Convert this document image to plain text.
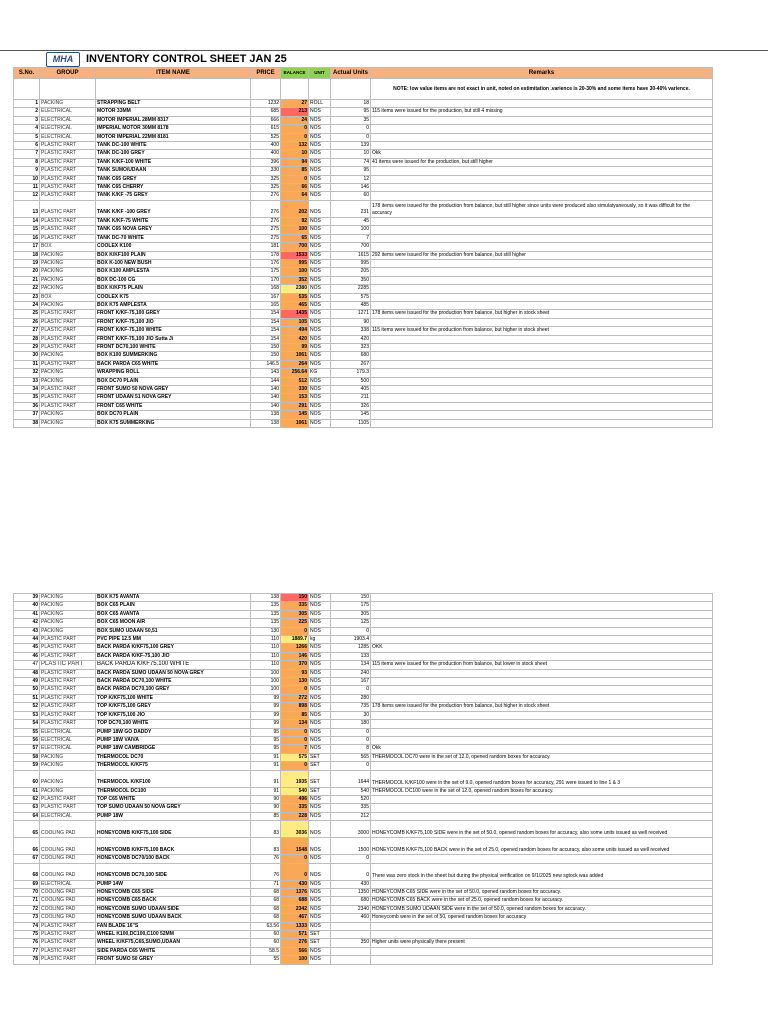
MHA	INVENTORY CONTROL SHEET JAN 25
S.No.	GROUP	ITEM NAME	PRICE	BALANCE	UNIT	Actual Units	Remarks
							NOTE: low value items are not exact in unit, noted on estimitation .varience is 20-30% and some items have 30-40% varience.
1	PACKING	STRAPPING BELT	1232	27	ROLL	18	
2	ELECTRICAL	MOTOR 33MM	685	213	NOS	95	115 items were issued for the production, but still 4 missing
3	ELECTRICAL	MOTOR IMPERIAL 28MM 8317	666	24	NOS	35	
4	ELECTRICAL	IMPERIAL MOTOR 30MM 8178	615	0	NOS	0	
5	ELECTRICAL	MOTOR IMPERIAL 22MM 8181	525	0	NOS	0	
6	PLASTIC PART	TANK DC-100 WHITE	400	132	NOS	139	
7	PLASTIC PART	TANK DC-100 GREY	400	10	NOS	10	Okk
8	PLASTIC PART	TANK K/KF-100 WHITE	396	94	NOS	74	41 items were issued for the production, but still higher
9	PLASTIC PART	TANK SUMO/UDAAN	330	85	NOS	95	
10	PLASTIC PART	TANK C65 GREY	325	0	NOS	12	
11	PLASTIC PART	TANK C65 CHERRY	325	66	NOS	146	
12	PLASTIC PART	TANK K/KF -75 GREY	276	64	NOS	60	
13	PLASTIC PART	TANK K/KF -100 GREY	276	202	NOS	231	178 items were issued for the production from balance, but still higher since units were produced also simulatyaneously, so it was difficult for the accuracy
14	PLASTIC PART	TANK K/KF-75 WHITE	276	92	NOS	45	
15	PLASTIC PART	TANK C65 NOVA GREY	275	100	NOS	100	
16	PLASTIC PART	TANK DC-70 WHITE	275	65	NOS	7	
17	BOX	COOLEX K100	181	700	NOS	700	
18	PACKING	BOX K/KF100 PLAIN	178	1533	NOS	1615	292 items were issued for the production from balance, but still higher
19	PACKING	BOX K-100 NEW BUSH	176	995	NOS	995	
20	PACKING	BOX K100 AMPLESTA	175	100	NOS	205	
21	PACKING	BOX DC-100 CG	170	352	NOS	350	
22	PACKING	BOX K/KF75 PLAIN	168	2380	NOS	2285	
23	BOX	COOLEX K75	167	535	NOS	575	
24	PACKING	BOX K75 AMPLESTA	165	465	NOS	485	
25	PLASTIC PART	FRONT K/KF-75,100 GREY	154	1435	NOS	1271	178 items were issued for the production from balance, but higher in stock sheet
26	PLASTIC PART	FRONT K/KF-75,100 JIO	154	105	NOS	90	
27	PLASTIC PART	FRONT K/KF-75,100 WHITE	154	494	NOS	338	115 items were issued for the production from balance, but higher in stock sheet
28	PLASTIC PART	FRONT K/KF-75,100 JIO Sutta Ji	154	420	NOS	420	
29	PLASTIC PART	FRONT DC70,100 WHITE	150	99	NOS	323	
30	PACKING	BOX K100 SUMMERKING	150	1061	NOS	680	
31	PLASTIC PART	BACK PARDA C65 WHITE	146.5	264	NOS	267	
32	PACKING	WRAPPING ROLL	143	256.64	KG	179.3	
33	PACKING	BOX DC70 PLAIN	144	512	NOS	500	
34	PLASTIC PART	FRONT SUMO 50 NOVA GREY	140	330	NOS	405	
35	PLASTIC PART	FRONT UDAAN 51 NOVA GREY	140	153	NOS	211	
36	PLASTIC PART	FRONT C65 WHITE	140	291	NOS	326	
37	PACKING	BOX DC70 PLAIN	138	145	NOS	145	
38	PACKING	BOX K75 SUMMERKING	138	1061	NOS	1105	
39	PACKING	BOX K75 AVANTA	138	150	NOS	150	
40	PACKING	BOX C65 PLAIN	135	335	NOS	175	
41	PACKING	BOX C65 AVANTA	135	305	NOS	305	
42	PACKING	BOX C65 MOON AIR	135	225	NOS	125	
43	PACKING	BOX SUMO UDAAN 50,51	130	0	NOS	0	
44	PLASTIC PART	PVC PIPE 12.5 MM	110	1889.7	kg	1903.4	
45	PLASTIC PART	BACK PARDA K/KF75,100 GREY	110	1266	NOS	1285	OKK
46	PLASTIC PART	BACK PARDA K/KF-75,100 JIO	110	146	NOS	133	
47	PLASTIC PART	BACK PARDA K/KF75,100 WHITE	110	370	NOS	134	115 items were issued for the production from balance, but lower in stock sheet
48	PLASTIC PART	BACK PARDA SUMO UDAAN 50 NOVA GREY	100	93	NOS	240	
49	PLASTIC PART	BACK PARDA DC70,100 WHITE	100	130	NOS	167	
50	PLASTIC PART	BACK PARDA DC70,100 GREY	100	0	NOS	0	
51	PLASTIC PART	TOP K/KF75,100 WHITE	99	272	NOS	280	
52	PLASTIC PART	TOP K/KF75,100 GREY	99	898	NOS	735	178 items were issued for the production from balance, but higher in stock sheet
53	PLASTIC PART	TOP K/KF75,100 JIO	99	85	NOS	30	
54	PLASTIC PART	TOP DC70,100 WHITE	99	134	NOS	180	
55	ELECTRICAL	PUMP 18W GO DADDY	95	0	NOS	0	
56	ELECTRICAL	PUMP 18W VAIVA	95	0	NOS	0	
57	ELECTRICAL	PUMP 18W CAMBRIDGE	95	7	NOS	8	Okk
58	PACKING	THERMOCOL DC70	91	575	SET	565	THERMOCOL DC70 were in the set of 12.0, opened random boxes for accuracy.
59	PACKING	THERMOCOL K/KF75	91	0	SET	0	
60	PACKING	THERMOCOL K/KF100	91	1935	SET	1644	THERMOCOL K/KF100 were in the set of 9.0, opened random boxes for accuracy, 291 were issued to line 1 & 3
61	PACKING	THERMOCOL DC100	91	540	SET	540	THERMOCOL DC100 were in the set of 12.0, opened random boxes for accuracy.
62	PLASTIC PART	TOP C65 WHITE	90	496	NOS	520	
63	PLASTIC PART	TOP SUMO UDAAN 50 NOVA GREY	90	335	NOS	335	
64	ELECTRICAL	PUMP 18W	85	228	NOS	212	
65	COOLING PAD	HONEYCOMB K/KF75,100 SIDE	83	3036	NOS	3000	HONEYCOMB K/KF75,100 SIDE were in the set of 50.0, opened random boxes for accuracy, also some units issued as well received
66	COOLING PAD	HONEYCOMB K/KF75,100 BACK	83	1548	NOS	1500	HONEYCOMB K/KF75,100 BACK were in the set of 25.0, opened random boxes for accuracy, also some units issued as well received
67	COOLING PAD	HONEYCOMB DC70/100 BACK	76	0	NOS	0	
68	COOLING PAD	HONEYCOMB DC70,100 SIDE	76	0	NOS	0	There was zero stock in the sheet but during the physical verification on 9/1/2025 new sgtock was added
69	ELECTRICAL	PUMP 14W	71	430	NOS	430	
70	COOLING PAD	HONEYCOMB C65 SIDE	68	1376	NOS	1350	HONEYCOMB C65 SIDE were in the set of 50.0, opened random boxes for accuracy.
71	COOLING PAD	HONEYCOMB C65 BACK	68	688	NOS	680	HONEYCOMB C65 BACK were in the set of 25.0, opened random boxes for accuracy.
72	COOLING PAD	HONEYCOMB SUMO UDAAN SIDE	68	2342	NOS	2340	HONEYCOMB SUMO UDAAN SIDE were in the set of 50.0, opened random boxes for accuracy.
73	COOLING PAD	HONEYCOMB SUMO UDAAN BACK	68	467	NOS	460	Honeycomb were in the set of 50, opened random boxes for accuracy
74	PLASTIC PART	FAN BLADE 16"S	63.56	1333	NOS		
75	PLASTIC PART	WHEEL K100,DC100,C100 52MM	60	571	SET		
76	PLASTIC PART	WHEEL K/KF75,C65,SUMO,UDAAN	60	276	SET	350	Higher units were physically there present
77	PLASTIC PART	SIDE PARDA C65 WHITE	58.5	566	NOS		
78	PLASTIC PART	FRONT SUMO 50 GREY	55	100	NOS		
